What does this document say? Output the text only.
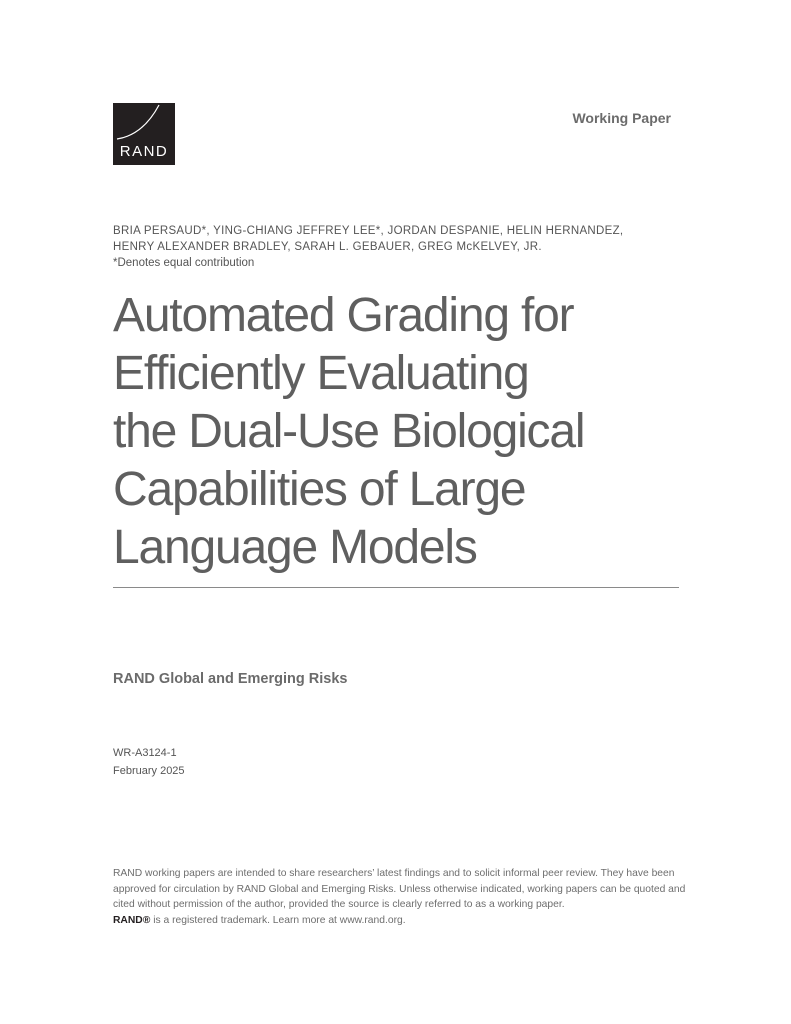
RAND
Working Paper
BRIA PERSAUD*, YING-CHIANG JEFFREY LEE*, JORDAN DESPANIE, HELIN HERNANDEZ,
HENRY ALEXANDER BRADLEY, SARAH L. GEBAUER, GREG McKELVEY, JR.
*Denotes equal contribution
Automated Grading for
Efficiently Evaluating
the Dual-Use Biological
Capabilities of Large
Language Models
RAND Global and Emerging Risks
WR-A3124-1
February 2025
RAND working papers are intended to share researchers’ latest findings and to solicit informal peer review. They have been approved for circulation by RAND Global and Emerging Risks. Unless otherwise indicated, working papers can be quoted and cited without permission of the author, provided the source is clearly referred to as a working paper.
RAND® is a registered trademark. Learn more at www.rand.org.
